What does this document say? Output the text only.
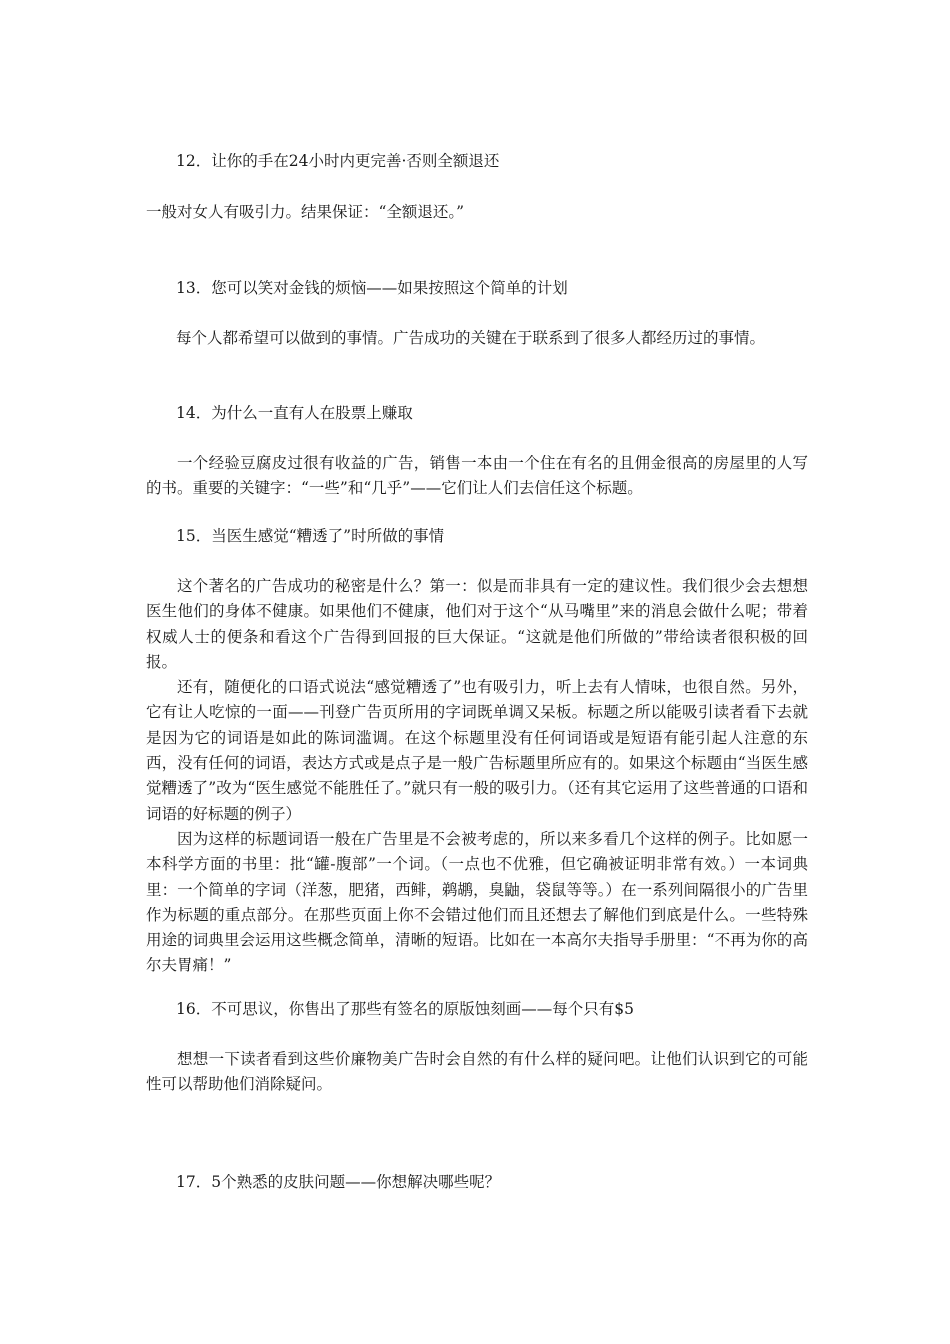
12．让你的手在24小时内更完善·否则全额退还
一般对女人有吸引力。结果保证：“全额退还。”
13．您可以笑对金钱的烦恼——如果按照这个简单的计划
每个人都希望可以做到的事情。广告成功的关键在于联系到了很多人都经历过的事情。
14．为什么一直有人在股票上赚取

一个经验豆腐皮过很有收益的广告，销售一本由一个住在有名的且佣金很高的房屋里的人写的书。重要的关键字：“一些”和“几乎”——它们让人们去信任这个标题。

15．当医生感觉“糟透了”时所做的事情

这个著名的广告成功的秘密是什么？第一：似是而非具有一定的建议性。我们很少会去想想医生他们的身体不健康。如果他们不健康，他们对于这个“从马嘴里”来的消息会做什么呢；带着权威人士的便条和看这个广告得到回报的巨大保证。“这就是他们所做的”带给读者很积极的回报。

还有，随便化的口语式说法“感觉糟透了”也有吸引力，听上去有人情味，也很自然。另外，它有让人吃惊的一面——刊登广告页所用的字词既单调又呆板。标题之所以能吸引读者看下去就是因为它的词语是如此的陈词滥调。在这个标题里没有任何词语或是短语有能引起人注意的东西，没有任何的词语，表达方式或是点子是一般广告标题里所应有的。如果这个标题由“当医生感觉糟透了”改为“医生感觉不能胜任了。”就只有一般的吸引力。（还有其它运用了这些普通的口语和词语的好标题的例子）

因为这样的标题词语一般在广告里是不会被考虑的，所以来多看几个这样的例子。比如愿一本科学方面的书里：批“罐-腹部”一个词。（一点也不优雅，但它确被证明非常有效。）一本词典里：一个简单的字词（洋葱，肥猪，西鲱，鹈鹕，臭鼬，袋鼠等等。）在一系列间隔很小的广告里作为标题的重点部分。在那些页面上你不会错过他们而且还想去了解他们到底是什么。一些特殊用途的词典里会运用这些概念简单，清晰的短语。比如在一本高尔夫指导手册里：“不再为你的高尔夫胃痛！”

16．不可思议，你售出了那些有签名的原版蚀刻画——每个只有$5

想想一下读者看到这些价廉物美广告时会自然的有什么样的疑问吧。让他们认识到它的可能性可以帮助他们消除疑问。

17．5个熟悉的皮肤问题——你想解决哪些呢？
